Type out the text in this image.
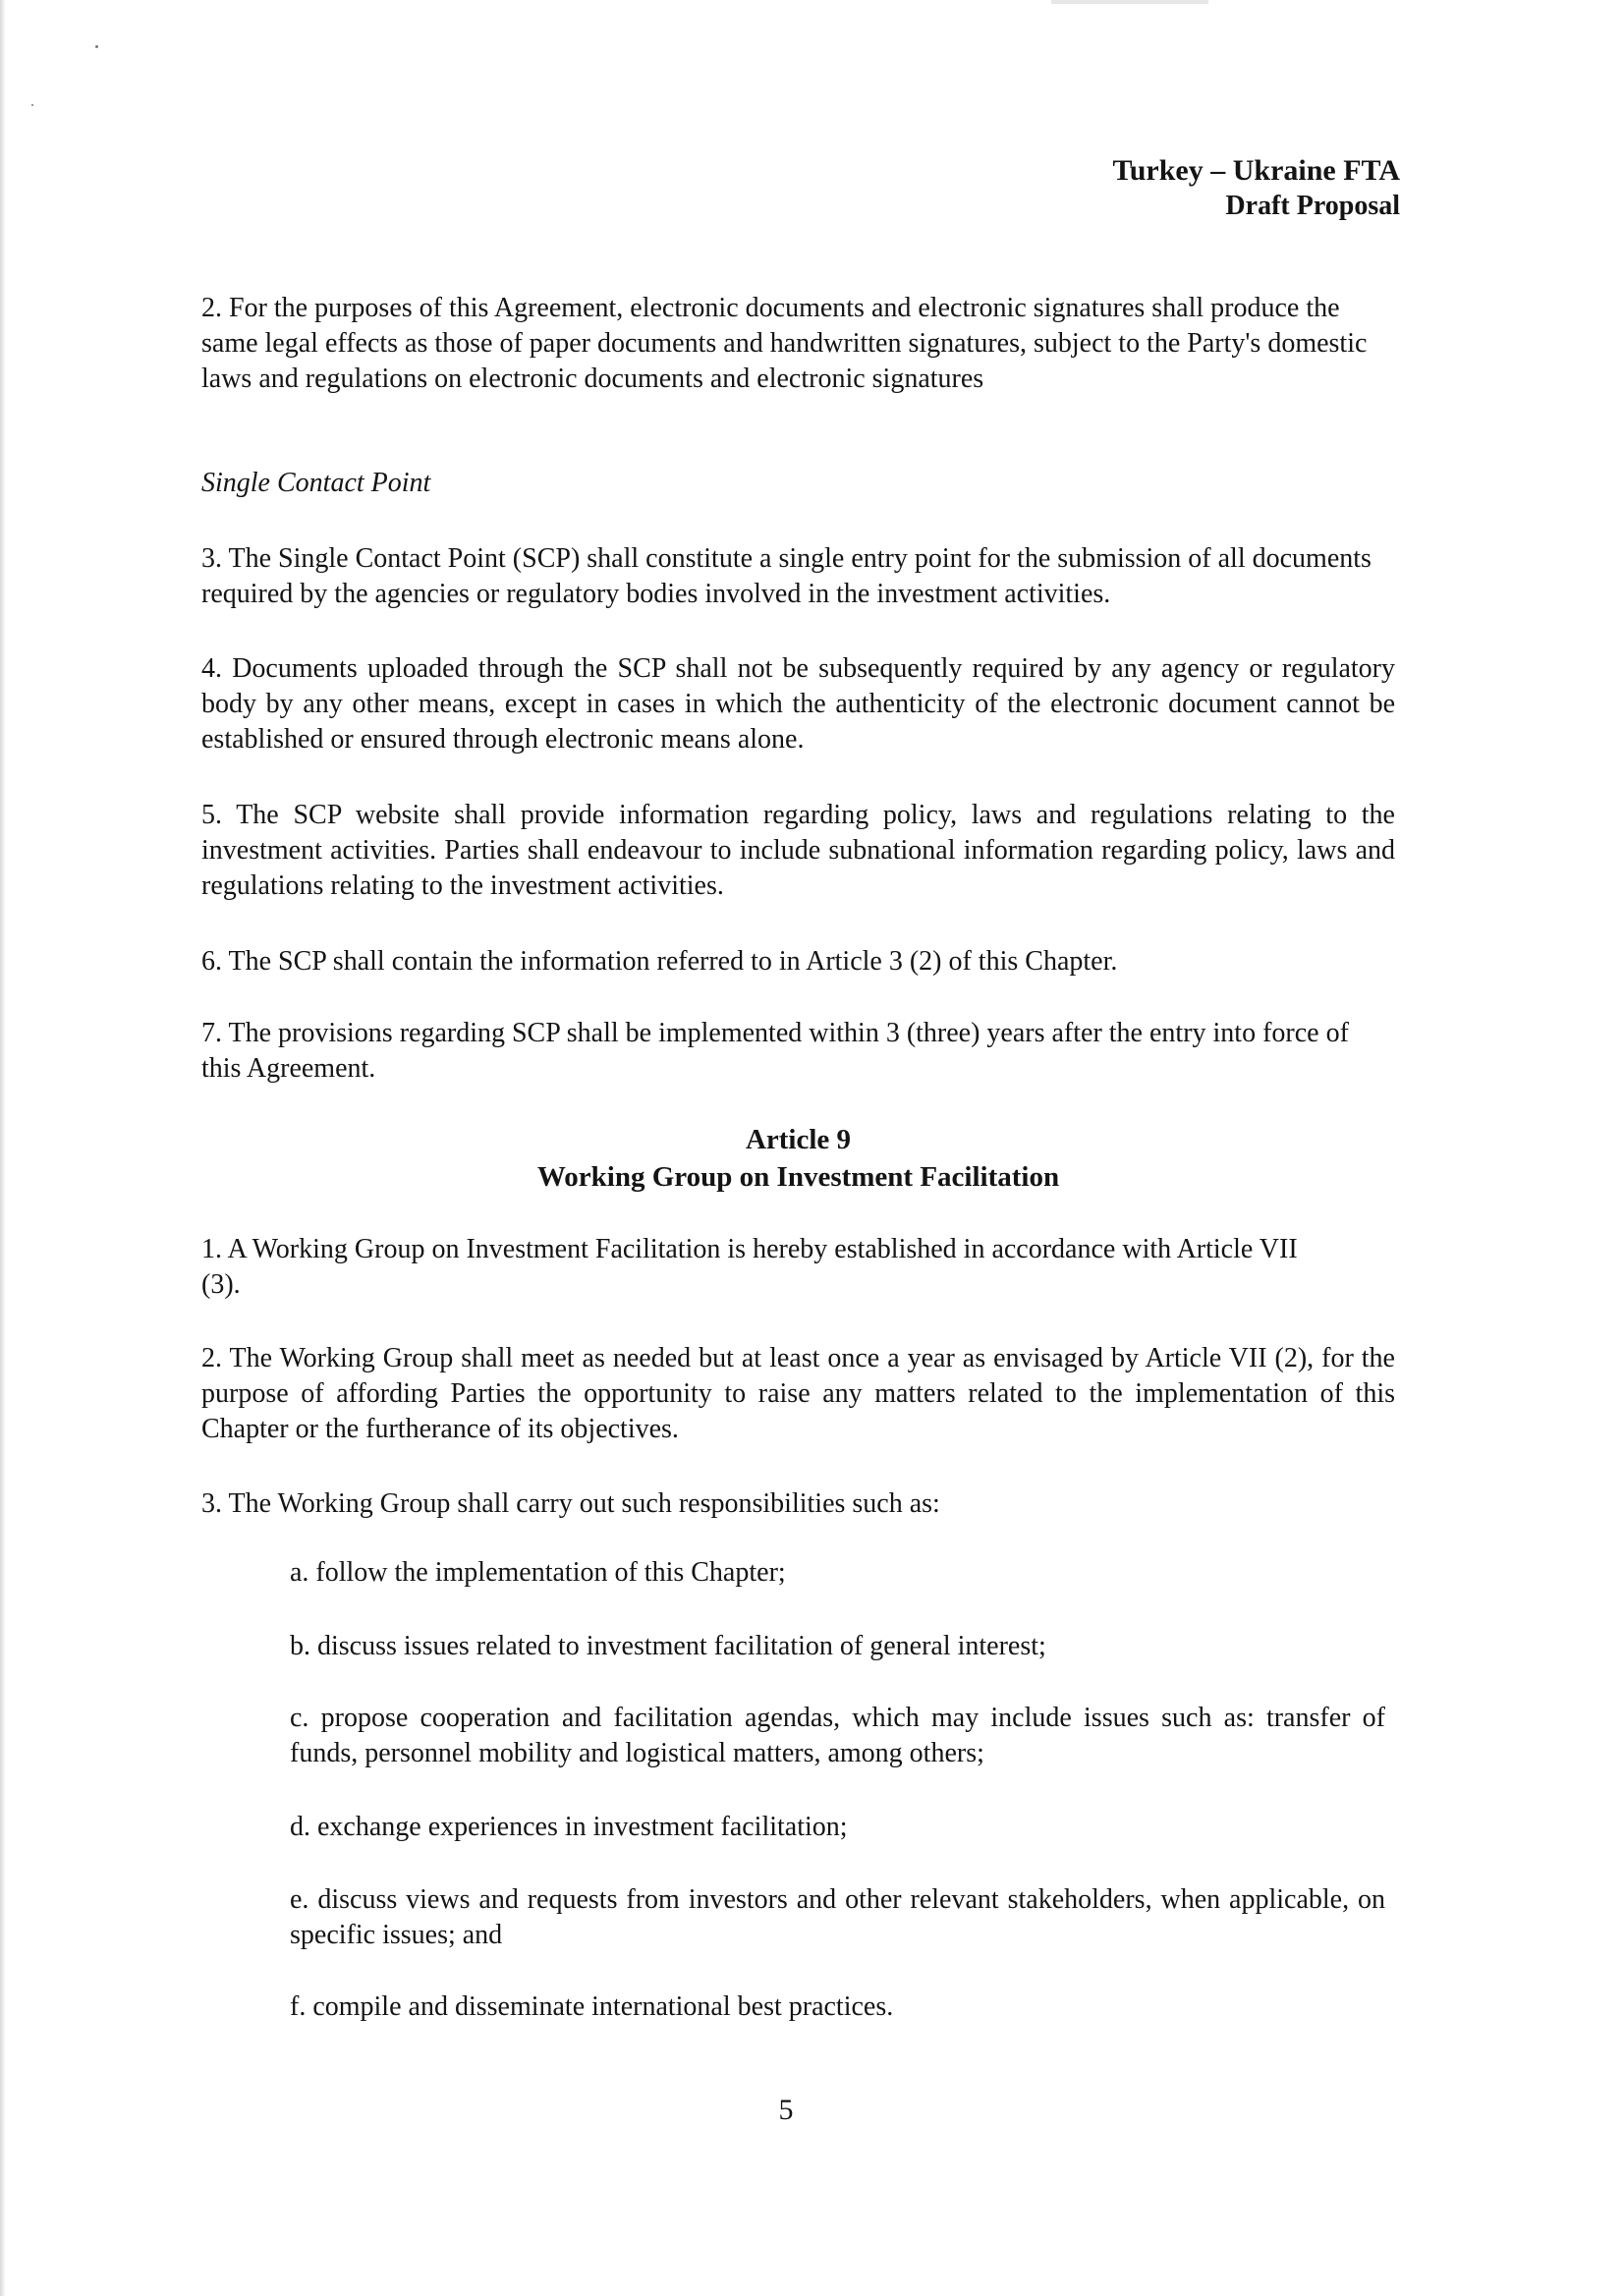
Turkey – Ukraine FTA
Draft Proposal

2. For the purposes of this Agreement, electronic documents and electronic signatures shall produce the same legal effects as those of paper documents and handwritten signatures, subject to the Party's domestic laws and regulations on electronic documents and electronic signatures

Single Contact Point

3. The Single Contact Point (SCP) shall constitute a single entry point for the submission of all documents required by the agencies or regulatory bodies involved in the investment activities.

4. Documents uploaded through the SCP shall not be subsequently required by any agency or regulatory body by any other means, except in cases in which the authenticity of the electronic document cannot be established or ensured through electronic means alone.

5. The SCP website shall provide information regarding policy, laws and regulations relating to the investment activities. Parties shall endeavour to include subnational information regarding policy, laws and regulations relating to the investment activities.

6. The SCP shall contain the information referred to in Article 3 (2) of this Chapter.

7. The provisions regarding SCP shall be implemented within 3 (three) years after the entry into force of this Agreement.

Article 9
Working Group on Investment Facilitation

1. A Working Group on Investment Facilitation is hereby established in accordance with Article VII (3).

2. The Working Group shall meet as needed but at least once a year as envisaged by Article VII (2), for the purpose of affording Parties the opportunity to raise any matters related to the implementation of this Chapter or the furtherance of its objectives.

3. The Working Group shall carry out such responsibilities such as:

a. follow the implementation of this Chapter;

b. discuss issues related to investment facilitation of general interest;

c. propose cooperation and facilitation agendas, which may include issues such as: transfer of funds, personnel mobility and logistical matters, among others;

d. exchange experiences in investment facilitation;

e. discuss views and requests from investors and other relevant stakeholders, when applicable, on specific issues; and

f. compile and disseminate international best practices.

5
